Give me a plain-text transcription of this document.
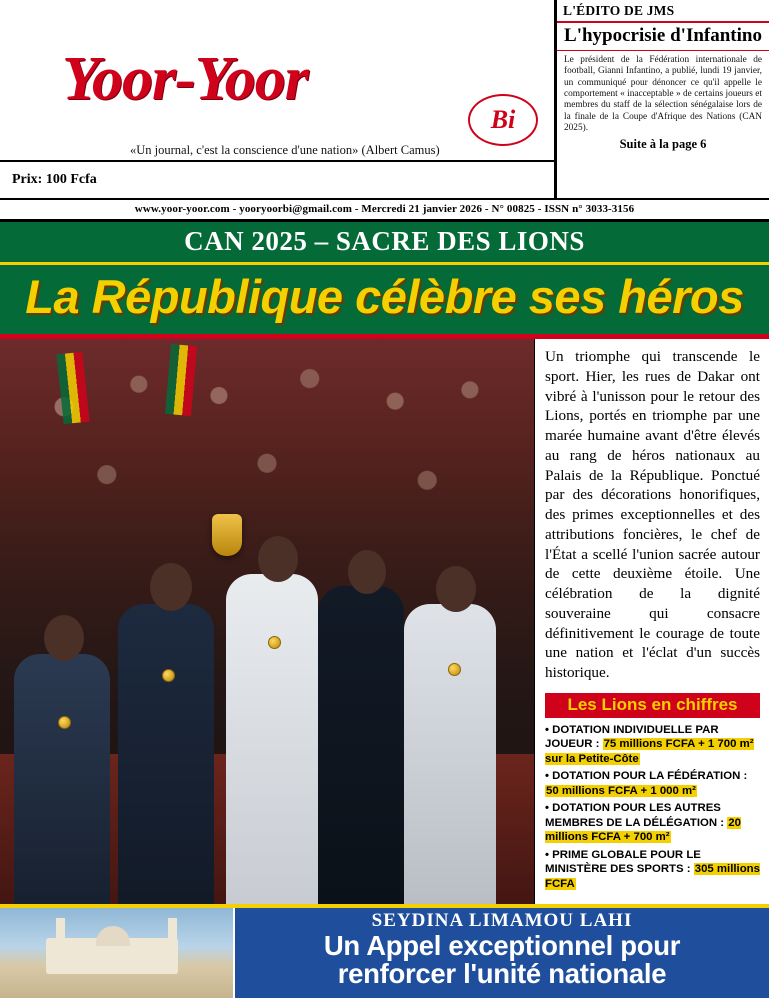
Yoor-Yoor
Bi
«Un journal, c'est la conscience d'une nation» (Albert Camus)
Prix: 100 Fcfa
L'ÉDITO DE JMS
L'hypocrisie d'Infantino
Le président de la Fédération internationale de football, Gianni Infantino, a publié, lundi 19 janvier, un communiqué pour dénoncer ce qu'il appelle le comportement « inacceptable » de certains joueurs et membres du staff de la sélection sénégalaise lors de la finale de la Coupe d'Afrique des Nations (CAN 2025).
Suite à la page 6
www.yoor-yoor.com - yooryoorbi@gmail.com - Mercredi 21 janvier 2026 - N° 00825 - ISSN n° 3033-3156
CAN 2025 – SACRE DES LIONS
La République célèbre ses héros
Un triomphe qui transcende le sport. Hier, les rues de Dakar ont vibré à l'unisson pour le retour des Lions, portés en triomphe par une marée humaine avant d'être élevés au rang de héros nationaux au Palais de la République. Ponctué par des décorations honorifiques, des primes exceptionnelles et des attributions foncières, le chef de l'État a scellé l'union sacrée autour de cette deuxième étoile. Une célébration de la dignité souveraine qui consacre définitivement le courage de toute une nation et l'éclat d'un succès historique.
Les Lions en chiffres
• DOTATION INDIVIDUELLE PAR JOUEUR : 75 millions FCFA + 1 700 m² sur la Petite-Côte
• DOTATION POUR LA FÉDÉRATION : 50 millions FCFA + 1 000 m²
• DOTATION POUR LES AUTRES MEMBRES DE LA DÉLÉGATION : 20 millions FCFA + 700 m²
• PRIME GLOBALE POUR LE MINISTÈRE DES SPORTS : 305 millions FCFA
SEYDINA LIMAMOU LAHI
Un Appel exceptionnel pour
renforcer l'unité nationale
